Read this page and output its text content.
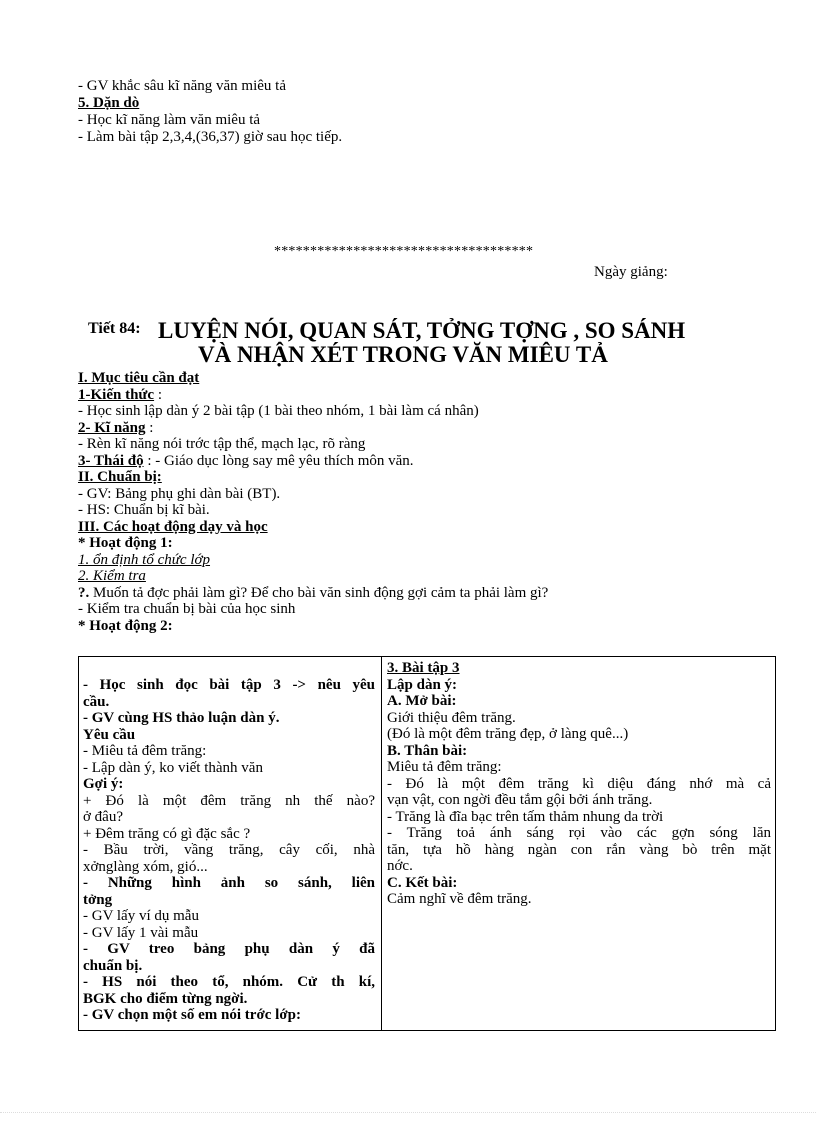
- GV khắc sâu kĩ năng văn miêu tả
5. Dặn dò
- Học kĩ năng làm văn miêu tả
- Làm bài tập 2,3,4,(36,37) giờ sau học tiếp.
************************************
Ngày giảng:
Tiết 84: LUYỆN NÓI, QUAN SÁT, TỞNG TỢNG , SO SÁNH
VÀ NHẬN XÉT TRONG VĂN MIÊU TẢ
I. Mục tiêu cần đạt
1-Kiến thức :
- Học sinh lập dàn ý 2 bài tập (1 bài theo nhóm, 1 bài làm cá nhân)
2- Kĩ năng :
- Rèn kĩ năng nói trớc tập thể, mạch lạc, rõ ràng
3- Thái độ : - Giáo dục lòng say mê yêu thích môn văn.
II. Chuẩn bị:
- GV: Bảng phụ ghi dàn bài (BT).
- HS: Chuẩn bị kĩ bài.
III. Các hoạt động dạy và học
* Hoạt động 1:
1. ổn định tổ chức lớp
2. Kiểm tra
?. Muốn tả đợc phải làm gì? Để cho bài văn sinh động gợi cảm ta phải làm gì?
- Kiểm tra chuẩn bị bài của học sinh
* Hoạt động 2:
- Học sinh đọc bài tập 3 -> nêu yêu
cầu.
- GV cùng HS thảo luận dàn ý.
Yêu cầu
- Miêu tả đêm trăng:
- Lập dàn ý, ko viết thành văn
Gợi ý:
+ Đó là một đêm trăng nh thế nào?
ở đâu?
+ Đêm trăng có gì đặc sắc ?
- Bầu trời, vầng trăng, cây cối, nhà
xởnglàng xóm, gió...
- Những hình ảnh so sánh, liên
tởng
- GV lấy ví dụ mẫu
- GV lấy 1 vài mẫu
- GV treo bảng phụ dàn ý đã
chuẩn bị.
- HS nói theo tổ, nhóm. Cử th kí,
BGK cho điểm từng ngời.
- GV chọn một số em nói trớc lớp:
3. Bài tập 3
Lập dàn ý:
A. Mở bài:
Giới thiệu đêm trăng.
(Đó là một đêm trăng đẹp, ở làng quê...)
B. Thân bài:
Miêu tả đêm trăng:
- Đó là một đêm trăng kì diệu đáng nhớ mà cả
vạn vật, con ngời đều tắm gội bởi ánh trăng.
- Trăng là đĩa bạc trên tấm thảm nhung da trời
- Trăng toả ánh sáng rọi vào các gợn sóng lăn
tăn, tựa hồ hàng ngàn con rắn vàng bò trên mặt
nớc.
C. Kết bài:
Cảm nghĩ về đêm trăng.
